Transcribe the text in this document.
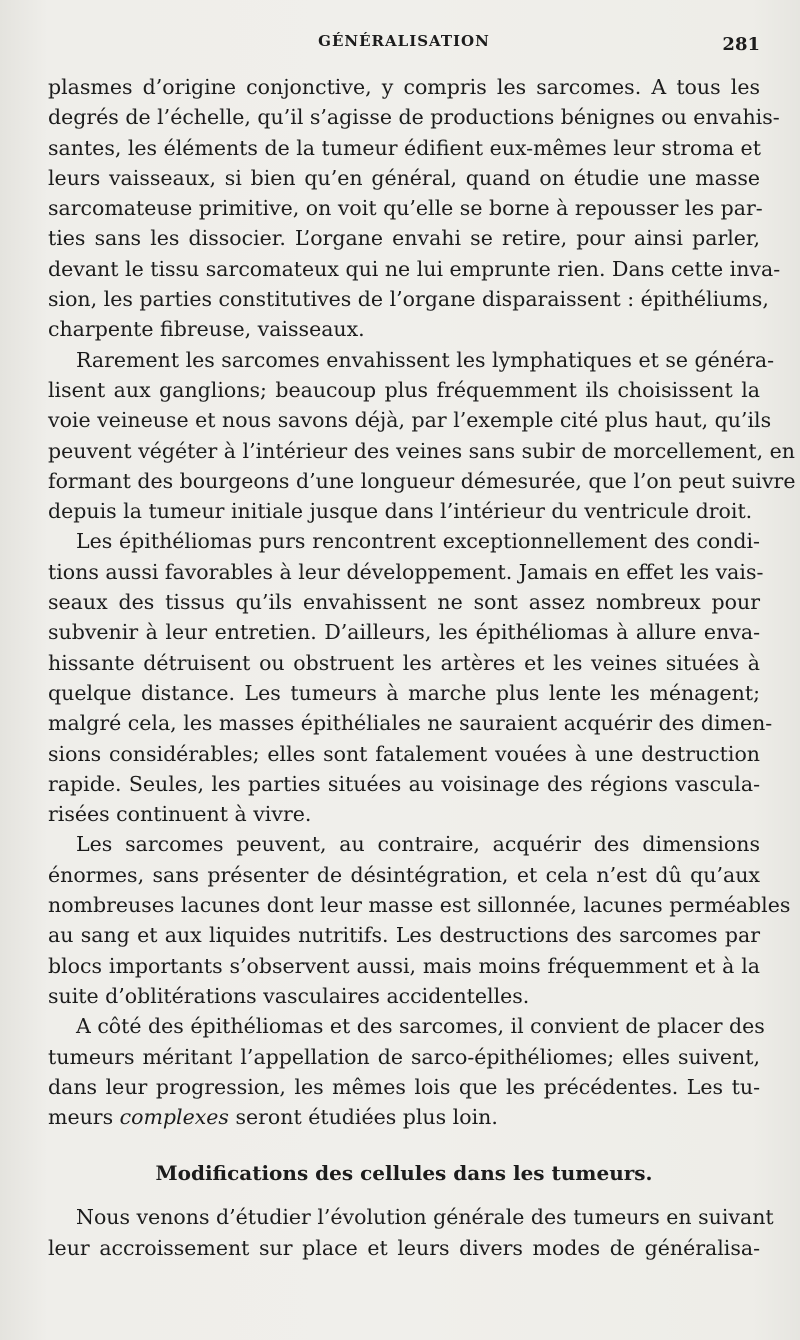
GÉNÉRALISATION	281
plasmes d’origine conjonctive, y compris les sarcomes. A tous les
degrés de l’échelle, qu’il s’agisse de productions bénignes ou envahis-
santes, les éléments de la tumeur édifient eux-mêmes leur stroma et
leurs vaisseaux, si bien qu’en général, quand on étudie une masse
sarcomateuse primitive, on voit qu’elle se borne à repousser les par-
ties sans les dissocier. L’organe envahi se retire, pour ainsi parler,
devant le tissu sarcomateux qui ne lui emprunte rien. Dans cette inva-
sion, les parties constitutives de l’organe disparaissent : épithéliums,
charpente fibreuse, vaisseaux.
Rarement les sarcomes envahissent les lymphatiques et se généra-
lisent aux ganglions; beaucoup plus fréquemment ils choisissent la
voie veineuse et nous savons déjà, par l’exemple cité plus haut, qu’ils
peuvent végéter à l’intérieur des veines sans subir de morcellement, en
formant des bourgeons d’une longueur démesurée, que l’on peut suivre
depuis la tumeur initiale jusque dans l’intérieur du ventricule droit.
Les épithéliomas purs rencontrent exceptionnellement des condi-
tions aussi favorables à leur développement. Jamais en effet les vais-
seaux des tissus qu’ils envahissent ne sont assez nombreux pour
subvenir à leur entretien. D’ailleurs, les épithéliomas à allure enva-
hissante détruisent ou obstruent les artères et les veines situées à
quelque distance. Les tumeurs à marche plus lente les ménagent;
malgré cela, les masses épithéliales ne sauraient acquérir des dimen-
sions considérables; elles sont fatalement vouées à une destruction
rapide. Seules, les parties situées au voisinage des régions vascula-
risées continuent à vivre.
Les sarcomes peuvent, au contraire, acquérir des dimensions
énormes, sans présenter de désintégration, et cela n’est dû qu’aux
nombreuses lacunes dont leur masse est sillonnée, lacunes perméables
au sang et aux liquides nutritifs. Les destructions des sarcomes par
blocs importants s’observent aussi, mais moins fréquemment et à la
suite d’oblitérations vasculaires accidentelles.
A côté des épithéliomas et des sarcomes, il convient de placer des
tumeurs méritant l’appellation de sarco-épithéliomes; elles suivent,
dans leur progression, les mêmes lois que les précédentes. Les tu-
meurs complexes seront étudiées plus loin.
Modifications des cellules dans les tumeurs.
Nous venons d’étudier l’évolution générale des tumeurs en suivant
leur accroissement sur place et leurs divers modes de généralisa-
